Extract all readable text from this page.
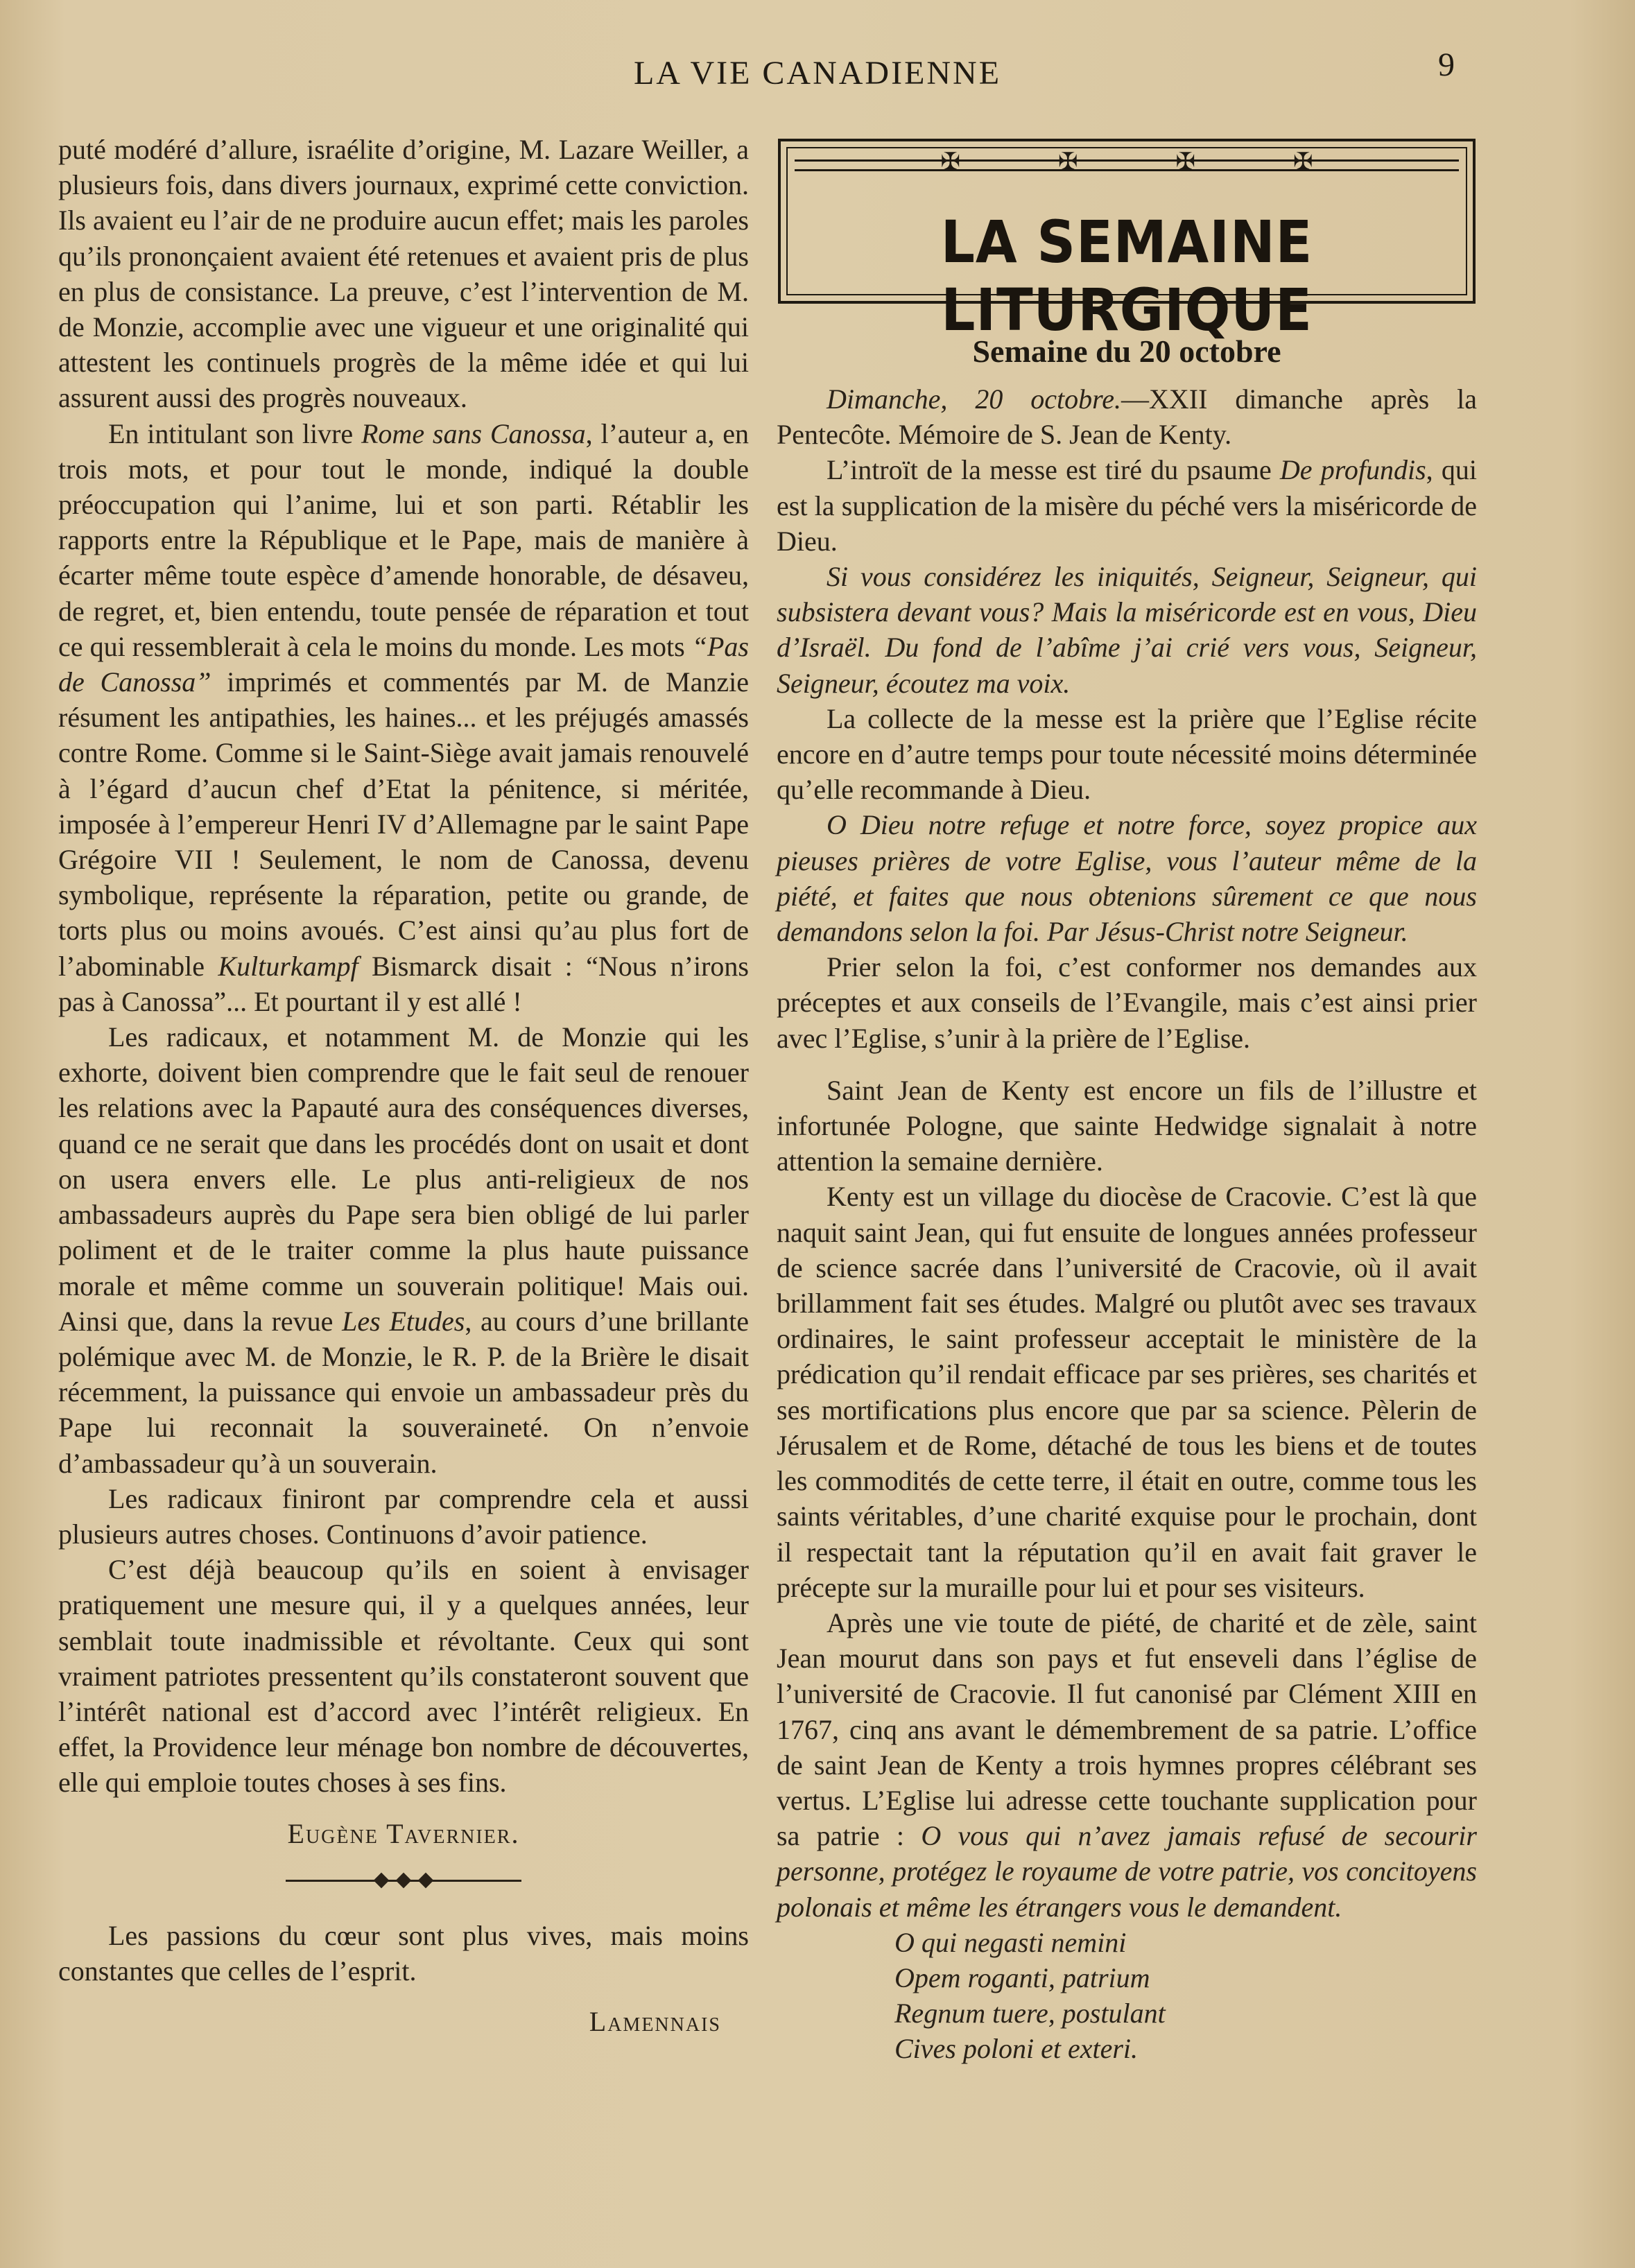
LA VIE CANADIENNE	9

puté modéré d’allure, israélite d’origine, M. Lazare Weiller, a plusieurs fois, dans divers journaux, exprimé cette conviction. Ils avaient eu l’air de ne produire aucun effet; mais les paroles qu’ils prononçaient avaient été retenues et avaient pris de plus en plus de consistance. La preuve, c’est l’intervention de M. de Monzie, accomplie avec une vigueur et une originalité qui attestent les continuels progrès de la même idée et qui lui assurent aussi des progrès nouveaux.

En intitulant son livre Rome sans Canossa, l’auteur a, en trois mots, et pour tout le monde, indiqué la double préoccupation qui l’anime, lui et son parti. Rétablir les rapports entre la République et le Pape, mais de manière à écarter même toute espèce d’amende honorable, de désaveu, de regret, et, bien entendu, toute pensée de réparation et tout ce qui ressemblerait à cela le moins du monde. Les mots “Pas de Canossa” imprimés et commentés par M. de Manzie résument les antipathies, les haines... et les préjugés amassés contre Rome. Comme si le Saint-Siège avait jamais renouvelé à l’égard d’aucun chef d’Etat la pénitence, si méritée, imposée à l’empereur Henri IV d’Allemagne par le saint Pape Grégoire VII ! Seulement, le nom de Canossa, devenu symbolique, représente la réparation, petite ou grande, de torts plus ou moins avoués. C’est ainsi qu’au plus fort de l’abominable Kulturkampf Bismarck disait : “Nous n’irons pas à Canossa”... Et pourtant il y est allé !

Les radicaux, et notamment M. de Monzie qui les exhorte, doivent bien comprendre que le fait seul de renouer les relations avec la Papauté aura des conséquences diverses, quand ce ne serait que dans les procédés dont on usait et dont on usera envers elle. Le plus anti-religieux de nos ambassadeurs auprès du Pape sera bien obligé de lui parler poliment et de le traiter comme la plus haute puissance morale et même comme un souverain politique! Mais oui. Ainsi que, dans la revue Les Etudes, au cours d’une brillante polémique avec M. de Monzie, le R. P. de la Brière le disait récemment, la puissance qui envoie un ambassadeur près du Pape lui reconnait la souveraineté. On n’envoie d’ambassadeur qu’à un souverain.

Les radicaux finiront par comprendre cela et aussi plusieurs autres choses. Continuons d’avoir patience.

C’est déjà beaucoup qu’ils en soient à envisager pratiquement une mesure qui, il y a quelques années, leur semblait toute inadmissible et révoltante. Ceux qui sont vraiment patriotes pressentent qu’ils constateront souvent que l’intérêt national est d’accord avec l’intérêt religieux. En effet, la Providence leur ménage bon nombre de découvertes, elle qui emploie toutes choses à ses fins.

Eugène Tavernier.

Les passions du cœur sont plus vives, mais moins constantes que celles de l’esprit.

Lamennais
✠	✠	✠	✠
LA SEMAINE LITURGIQUE
Semaine du 20 octobre

Dimanche, 20 octobre.—XXII dimanche après la Pentecôte. Mémoire de S. Jean de Kenty.

L’introït de la messe est tiré du psaume De profundis, qui est la supplication de la misère du péché vers la miséricorde de Dieu.

Si vous considérez les iniquités, Seigneur, Seigneur, qui subsistera devant vous? Mais la miséricorde est en vous, Dieu d’Israël. Du fond de l’abîme j’ai crié vers vous, Seigneur, Seigneur, écoutez ma voix.

La collecte de la messe est la prière que l’Eglise récite encore en d’autre temps pour toute nécessité moins déterminée qu’elle recommande à Dieu.

O Dieu notre refuge et notre force, soyez propice aux pieuses prières de votre Eglise, vous l’auteur même de la piété, et faites que nous obtenions sûrement ce que nous demandons selon la foi. Par Jésus-Christ notre Seigneur.

Prier selon la foi, c’est conformer nos demandes aux préceptes et aux conseils de l’Evangile, mais c’est ainsi prier avec l’Eglise, s’unir à la prière de l’Eglise.

Saint Jean de Kenty est encore un fils de l’illustre et infortunée Pologne, que sainte Hedwidge signalait à notre attention la semaine dernière.

Kenty est un village du diocèse de Cracovie. C’est là que naquit saint Jean, qui fut ensuite de longues années professeur de science sacrée dans l’université de Cracovie, où il avait brillamment fait ses études. Malgré ou plutôt avec ses travaux ordinaires, le saint professeur acceptait le ministère de la prédication qu’il rendait efficace par ses prières, ses charités et ses mortifications plus encore que par sa science. Pèlerin de Jérusalem et de Rome, détaché de tous les biens et de toutes les commodités de cette terre, il était en outre, comme tous les saints véritables, d’une charité exquise pour le prochain, dont il respectait tant la réputation qu’il en avait fait graver le précepte sur la muraille pour lui et pour ses visiteurs.

Après une vie toute de piété, de charité et de zèle, saint Jean mourut dans son pays et fut enseveli dans l’église de l’université de Cracovie. Il fut canonisé par Clément XIII en 1767, cinq ans avant le démembrement de sa patrie. L’office de saint Jean de Kenty a trois hymnes propres célébrant ses vertus. L’Eglise lui adresse cette touchante supplication pour sa patrie : O vous qui n’avez jamais refusé de secourir personne, protégez le royaume de votre patrie, vos concitoyens polonais et même les étrangers vous le demandent.

O qui negasti nemini
Opem roganti, patrium
Regnum tuere, postulant
Cives poloni et exteri.
